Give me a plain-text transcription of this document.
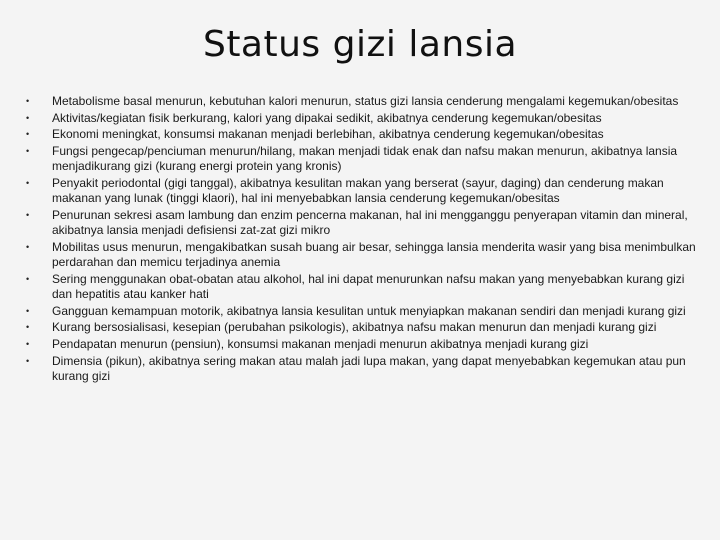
Status gizi lansia
•	Metabolisme basal menurun, kebutuhan kalori menurun, status gizi lansia cenderung mengalami kegemukan/obesitas
•	Aktivitas/kegiatan fisik berkurang, kalori yang dipakai sedikit, akibatnya cenderung kegemukan/obesitas
•	Ekonomi meningkat, konsumsi makanan menjadi berlebihan, akibatnya cenderung kegemukan/obesitas
•	Fungsi pengecap/penciuman menurun/hilang, makan menjadi tidak enak dan nafsu makan menurun, akibatnya lansia menjadikurang gizi (kurang energi protein yang kronis)
•	Penyakit periodontal (gigi tanggal), akibatnya kesulitan makan yang berserat (sayur, daging) dan cenderung makan makanan yang lunak (tinggi klaori), hal ini menyebabkan lansia cenderung kegemukan/obesitas
•	Penurunan sekresi asam lambung dan enzim pencerna makanan, hal ini mengganggu penyerapan vitamin dan mineral, akibatnya lansia menjadi defisiensi zat-zat gizi mikro
•	Mobilitas usus menurun, mengakibatkan susah buang air besar, sehingga lansia menderita wasir yang bisa menimbulkan perdarahan dan memicu terjadinya anemia
•	Sering menggunakan obat-obatan atau alkohol, hal ini dapat menurunkan nafsu makan yang menyebabkan kurang gizi dan hepatitis atau kanker hati
•	Gangguan kemampuan motorik, akibatnya lansia kesulitan untuk menyiapkan makanan sendiri dan menjadi kurang gizi
•	Kurang bersosialisasi, kesepian (perubahan psikologis), akibatnya nafsu makan menurun dan menjadi kurang gizi
•	Pendapatan menurun (pensiun), konsumsi makanan menjadi menurun akibatnya menjadi kurang gizi
•	Dimensia (pikun), akibatnya sering makan atau malah jadi lupa makan, yang dapat menyebabkan kegemukan atau pun kurang gizi
